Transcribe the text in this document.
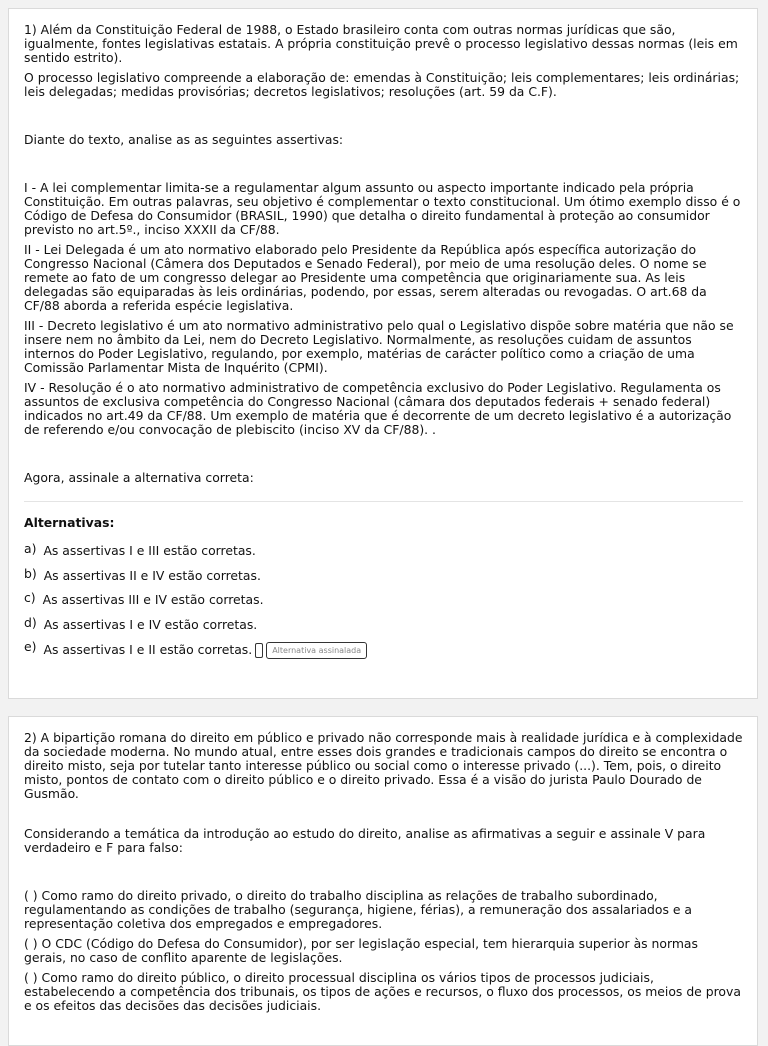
1) Além da Constituição Federal de 1988, o Estado brasileiro conta com outras normas jurídicas que são, igualmente, fontes legislativas estatais. A própria constituição prevê o processo legislativo dessas normas (leis em sentido estrito).

O processo legislativo compreende a elaboração de: emendas à Constituição; leis complementares; leis ordinárias; leis delegadas; medidas provisórias; decretos legislativos; resoluções (art. 59 da C.F).

Diante do texto, analise as as seguintes assertivas:

I - A lei complementar limita-se a regulamentar algum assunto ou aspecto importante indicado pela própria Constituição. Em outras palavras, seu objetivo é complementar o texto constitucional. Um ótimo exemplo disso é o Código de Defesa do Consumidor (BRASIL, 1990) que detalha o direito fundamental à proteção ao consumidor previsto no art.5º., inciso XXXII da CF/88.

II - Lei Delegada é um ato normativo elaborado pelo Presidente da República após específica autorização do Congresso Nacional (Câmera dos Deputados e Senado Federal), por meio de uma resolução deles. O nome se remete ao fato de um congresso delegar ao Presidente uma competência que originariamente sua. As leis delegadas são equiparadas às leis ordinárias, podendo, por essas, serem alteradas ou revogadas. O art.68 da CF/88 aborda a referida espécie legislativa.

III - Decreto legislativo é um ato normativo administrativo pelo qual o Legislativo dispõe sobre matéria que não se insere nem no âmbito da Lei, nem do Decreto Legislativo. Normalmente, as resoluções cuidam de assuntos internos do Poder Legislativo, regulando, por exemplo, matérias de carácter político como a criação de uma Comissão Parlamentar Mista de Inquérito (CPMI).

IV - Resolução é o ato normativo administrativo de competência exclusivo do Poder Legislativo. Regulamenta os assuntos de exclusiva competência do Congresso Nacional (câmara dos deputados federais + senado federal) indicados no art.49 da CF/88. Um exemplo de matéria que é decorrente de um decreto legislativo é a autorização de referendo e/ou convocação de plebiscito (inciso XV da CF/88). .

Agora, assinale a alternativa correta:

Alternativas:
a) As assertivas I e III estão corretas.
b) As assertivas II e IV estão corretas.
c) As assertivas III e IV estão corretas.
d) As assertivas I e IV estão corretas.
e) As assertivas I e II estão corretas.	Alternativa assinalada

2) A bipartição romana do direito em público e privado não corresponde mais à realidade jurídica e à complexidade da sociedade moderna. No mundo atual, entre esses dois grandes e tradicionais campos do direito se encontra o direito misto, seja por tutelar tanto interesse público ou social como o interesse privado (...). Tem, pois, o direito misto, pontos de contato com o direito público e o direito privado. Essa é a visão do jurista Paulo Dourado de Gusmão.

Considerando a temática da introdução ao estudo do direito, analise as afirmativas a seguir e assinale V para verdadeiro e F para falso:

( ) Como ramo do direito privado, o direito do trabalho disciplina as relações de trabalho subordinado, regulamentando as condições de trabalho (segurança, higiene, férias), a remuneração dos assalariados e a representação coletiva dos empregados e empregadores.

( ) O CDC (Código do Defesa do Consumidor), por ser legislação especial, tem hierarquia superior às normas gerais, no caso de conflito aparente de legislações.

( ) Como ramo do direito público, o direito processual disciplina os vários tipos de processos judiciais, estabelecendo a competência dos tribunais, os tipos de ações e recursos, o fluxo dos processos, os meios de prova e os efeitos das decisões das decisões judiciais.
